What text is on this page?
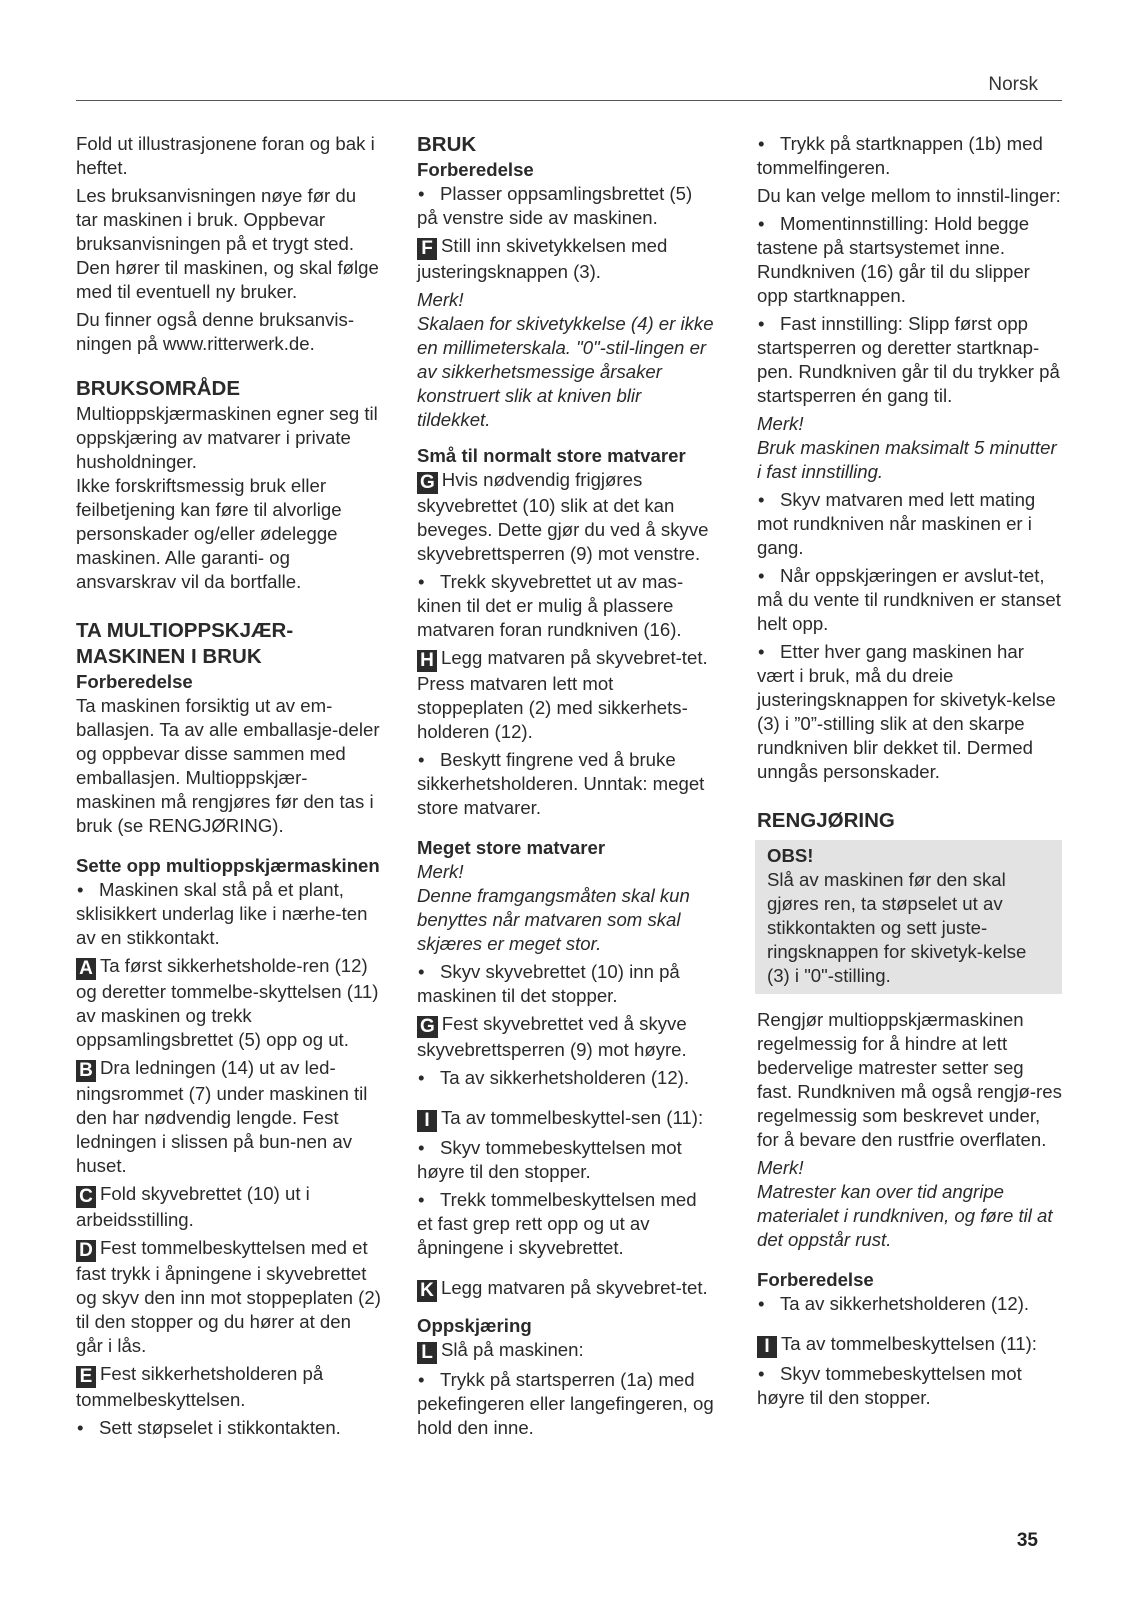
Norsk

Fold ut illustrasjonene foran og bak i heftet.

Les bruksanvisningen nøye før du tar maskinen i bruk. Oppbevar bruksanvisningen på et trygt sted. Den hører til maskinen, og skal følge med til eventuell ny bruker.

Du finner også denne bruksanvis-ningen på www.ritterwerk.de.

BRUKSOMRÅDE

Multioppskjærmaskinen egner seg til oppskjæring av matvarer i private husholdninger.

Ikke forskriftsmessig bruk eller feilbetjening kan føre til alvorlige personskader og/eller ødelegge maskinen. Alle garanti- og ansvarskrav vil da bortfalle.

TA MULTIOPPSKJÆR-MASKINEN I BRUK
Forberedelse

Ta maskinen forsiktig ut av em-ballasjen. Ta av alle emballasje-deler og oppbevar disse sammen med emballasjen. Multioppskjær-maskinen må rengjøres før den tas i bruk (se RENGJØRING).

Sette opp multioppskjærmaskinen

• Maskinen skal stå på et plant, sklisikkert underlag like i nærhe-ten av en stikkontakt.

A Ta først sikkerhetsholde-ren (12) og deretter tommelbe-skyttelsen (11) av maskinen og trekk oppsamlingsbrettet (5) opp og ut.

B Dra ledningen (14) ut av led-ningsrommet (7) under maskinen til den har nødvendig lengde. Fest ledningen i slissen på bun-nen av huset.

C Fold skyvebrettet (10) ut i arbeidsstilling.

D Fest tommelbeskyttelsen med et fast trykk i åpningene i skyvebrettet og skyv den inn mot stoppeplaten (2) til den stopper og du hører at den går i lås.

E Fest sikkerhetsholderen på tommelbeskyttelsen.

• Sett støpselet i stikkontakten.

BRUK
Forberedelse

• Plasser oppsamlingsbrettet (5) på venstre side av maskinen.

F Still inn skivetykkelsen med justeringsknappen (3).

Merk!

Skalaen for skivetykkelse (4) er ikke en millimeterskala. "0"-stil-lingen er av sikkerhetsmessige årsaker konstruert slik at kniven blir tildekket.

Små til normalt store matvarer

G Hvis nødvendig frigjøres skyvebrettet (10) slik at det kan beveges. Dette gjør du ved å skyve skyvebrettsperren (9) mot venstre.

• Trekk skyvebrettet ut av mas-kinen til det er mulig å plassere matvaren foran rundkniven (16).

H Legg matvaren på skyvebret-tet. Press matvaren lett mot stoppeplaten (2) med sikkerhets-holderen (12).

• Beskytt fingrene ved å bruke sikkerhetsholderen. Unntak: meget store matvarer.

Meget store matvarer

Merk!

Denne framgangsmåten skal kun benyttes når matvaren som skal skjæres er meget stor.

• Skyv skyvebrettet (10) inn på maskinen til det stopper.

G Fest skyvebrettet ved å skyve skyvebrettsperren (9) mot høyre.

• Ta av sikkerhetsholderen (12).

I Ta av tommelbeskyttel-sen (11):

• Skyv tommebeskyttelsen mot høyre til den stopper.

• Trekk tommelbeskyttelsen med et fast grep rett opp og ut av åpningene i skyvebrettet.

K Legg matvaren på skyvebret-tet.

Oppskjæring

L Slå på maskinen:

• Trykk på startsperren (1a) med pekefingeren eller langefingeren, og hold den inne.

• Trykk på startknappen (1b) med tommelfingeren.

Du kan velge mellom to innstil-linger:

• Momentinnstilling: Hold begge tastene på startsystemet inne. Rundkniven (16) går til du slipper opp startknappen.

• Fast innstilling: Slipp først opp startsperren og deretter startknap-pen. Rundkniven går til du trykker på startsperren én gang til.

Merk!

Bruk maskinen maksimalt 5 minutter i fast innstilling.

• Skyv matvaren med lett mating mot rundkniven når maskinen er i gang.

• Når oppskjæringen er avslut-tet, må du vente til rundkniven er stanset helt opp.

• Etter hver gang maskinen har vært i bruk, må du dreie justeringsknappen for skivetyk-kelse (3) i ”0”-stilling slik at den skarpe rundkniven blir dekket til. Dermed unngås personskader.

RENGJØRING

OBS!

Slå av maskinen før den skal gjøres ren, ta støpselet ut av stikkontakten og sett juste-ringsknappen for skivetyk-kelse (3) i "0"-stilling.

Rengjør multioppskjærmaskinen regelmessig for å hindre at lett bedervelige matrester setter seg fast. Rundkniven må også rengjø-res regelmessig som beskrevet under, for å bevare den rustfrie overflaten.

Merk!

Matrester kan over tid angripe materialet i rundkniven, og føre til at det oppstår rust.

Forberedelse

• Ta av sikkerhetsholderen (12).

I Ta av tommelbeskyttelsen (11):

• Skyv tommebeskyttelsen mot høyre til den stopper.

35
